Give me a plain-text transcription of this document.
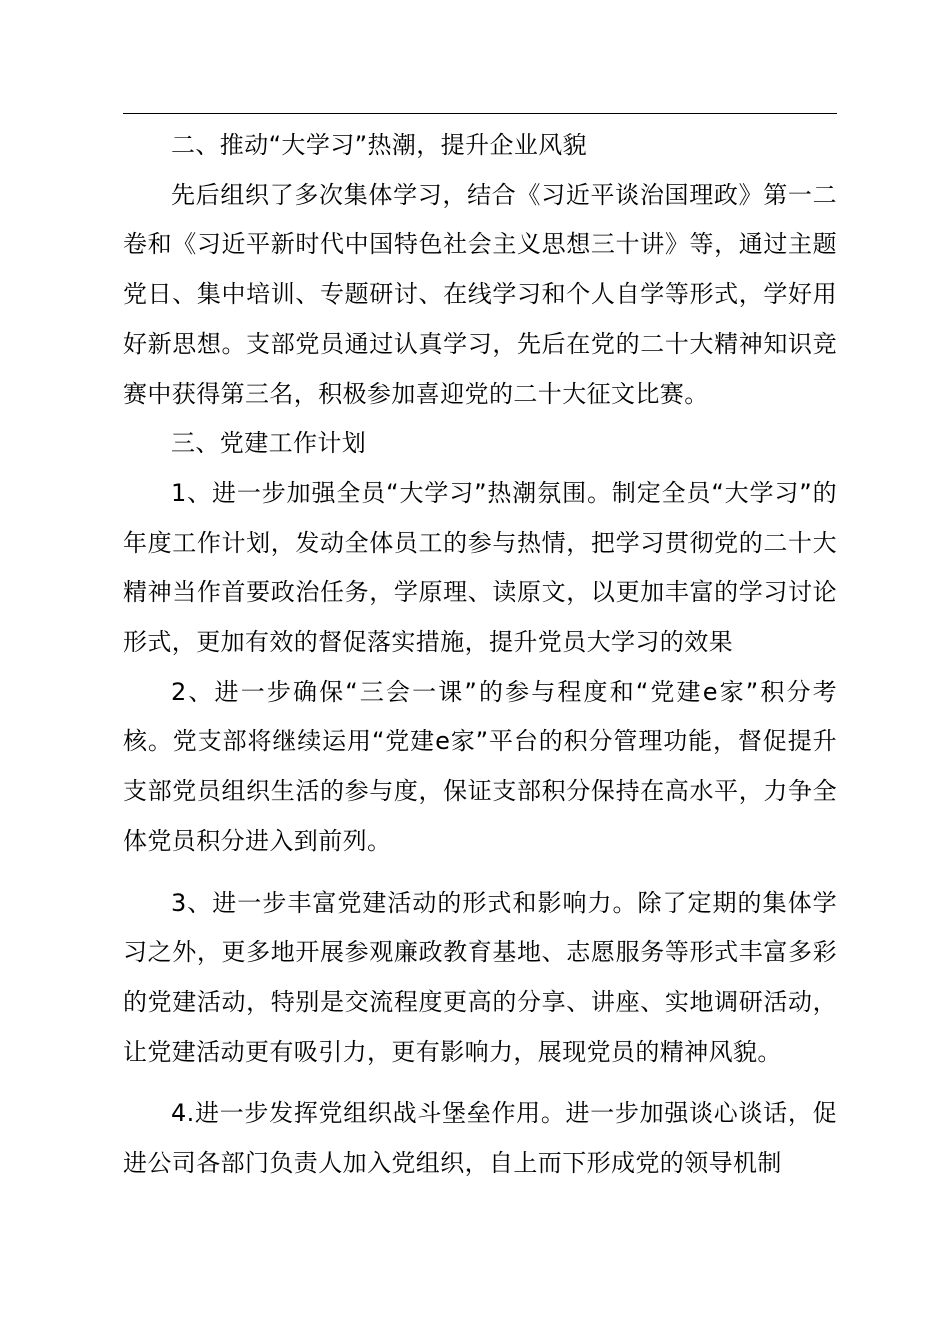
二、推动“大学习”热潮，提升企业风貌

先后组织了多次集体学习，结合《习近平谈治国理政》第一二卷和《习近平新时代中国特色社会主义思想三十讲》等，通过主题党日、集中培训、专题研讨、在线学习和个人自学等形式，学好用好新思想。支部党员通过认真学习，先后在党的二十大精神知识竞赛中获得第三名，积极参加喜迎党的二十大征文比赛。

三、党建工作计划

1、进一步加强全员“大学习”热潮氛围。制定全员“大学习”的年度工作计划，发动全体员工的参与热情，把学习贯彻党的二十大精神当作首要政治任务，学原理、读原文，以更加丰富的学习讨论形式，更加有效的督促落实措施，提升党员大学习的效果

2、进一步确保“三会一课”的参与程度和“党建e家”积分考核。党支部将继续运用“党建e家”平台的积分管理功能，督促提升支部党员组织生活的参与度，保证支部积分保持在高水平，力争全体党员积分进入到前列。

3、进一步丰富党建活动的形式和影响力。除了定期的集体学习之外，更多地开展参观廉政教育基地、志愿服务等形式丰富多彩的党建活动，特别是交流程度更高的分享、讲座、实地调研活动，让党建活动更有吸引力，更有影响力，展现党员的精神风貌。

4.进一步发挥党组织战斗堡垒作用。进一步加强谈心谈话，促进公司各部门负责人加入党组织，自上而下形成党的领导机制
